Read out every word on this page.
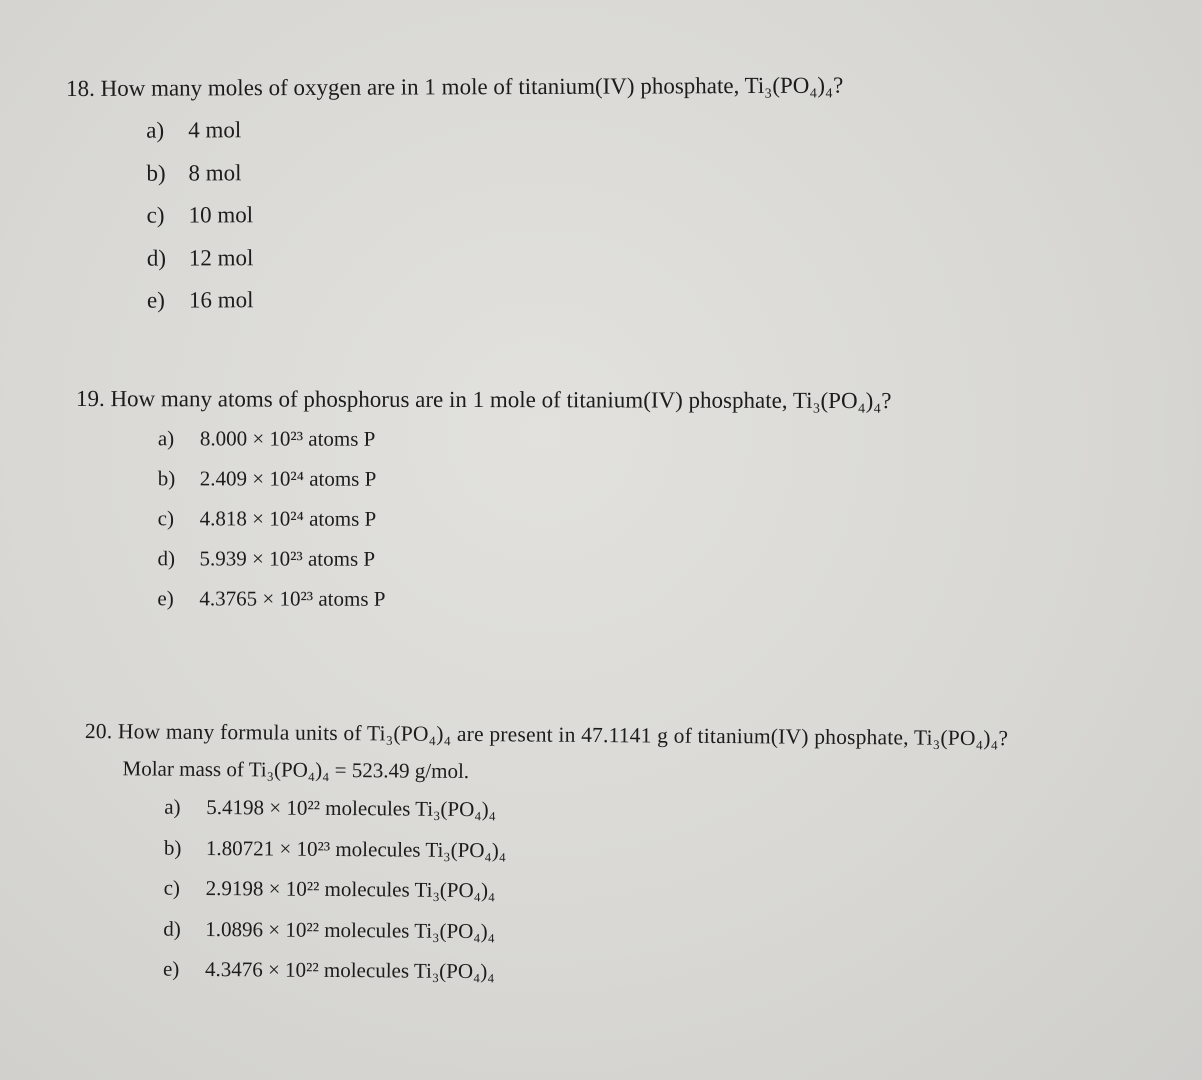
18. How many moles of oxygen are in 1 mole of titanium(IV) phosphate, Ti₃(PO₄)₄?
a)	4 mol
b) 8 mol
c)	10 mol
d) 12 mol
e)	16 mol
19. How many atoms of phosphorus are in 1 mole of titanium(IV) phosphate, Ti₃(PO₄)₄?
a)	8.000 × 10²³ atoms P
b)	2.409 × 10²⁴ atoms P
c)	4.818 × 10²⁴ atoms P
d)	5.939 × 10²³ atoms P
e)	4.3765 × 10²³ atoms P
20. How many formula units of Ti₃(PO₄)₄ are present in 47.1141 g of titanium(IV) phosphate, Ti₃(PO₄)₄?
Molar mass of Ti₃(PO₄)₄ = 523.49 g/mol.
a)	5.4198 × 10²² molecules Ti₃(PO₄)₄
b)	1.80721 × 10²³ molecules Ti₃(PO₄)₄
c)	2.9198 × 10²² molecules Ti₃(PO₄)₄
d)	1.0896 × 10²² molecules Ti₃(PO₄)₄
e)	4.3476 × 10²² molecules Ti₃(PO₄)₄
